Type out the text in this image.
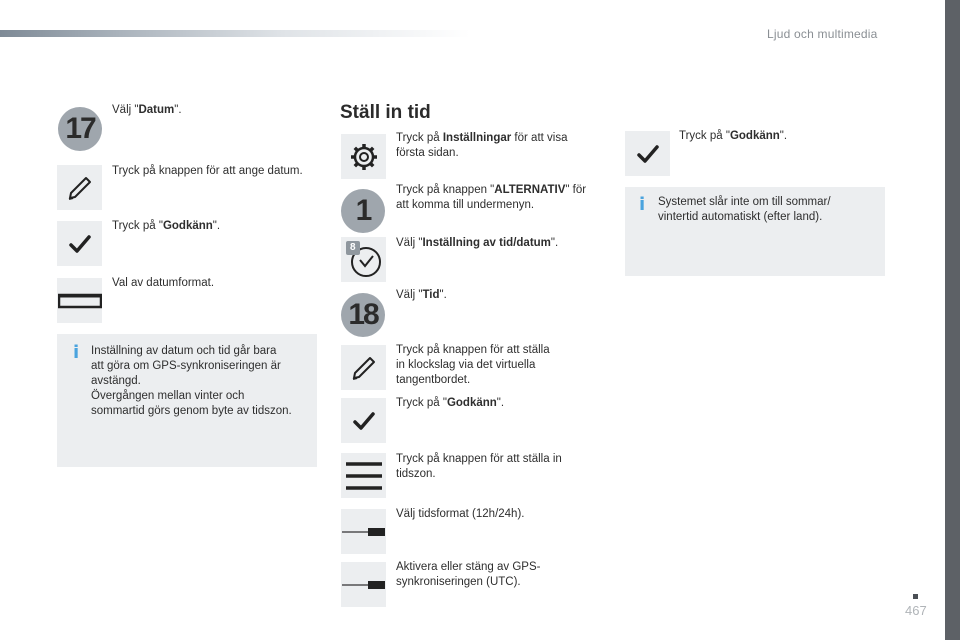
Ljud och multimedia
467
17
Välj "Datum".
Tryck på knappen för att ange datum.
Tryck på "Godkänn".
Val av datumformat.
i Inställning av datum och tid går bara
att göra om GPS-synkroniseringen är
avstängd.
Övergången mellan vinter och
sommartid görs genom byte av tidszon.
Ställ in tid
Tryck på Inställningar för att visa
första sidan.
1
Tryck på knappen "ALTERNATIV" för
att komma till undermenyn.
8	Välj "Inställning av tid/datum".
18
Välj "Tid".
Tryck på knappen för att ställa
in klockslag via det virtuella
tangentbordet.
Tryck på "Godkänn".
Tryck på knappen för att ställa in
tidszon.
Välj tidsformat (12h/24h).
Aktivera eller stäng av GPS-
synkroniseringen (UTC).
Tryck på "Godkänn".
i Systemet slår inte om till sommar/
vintertid automatiskt (efter land).
